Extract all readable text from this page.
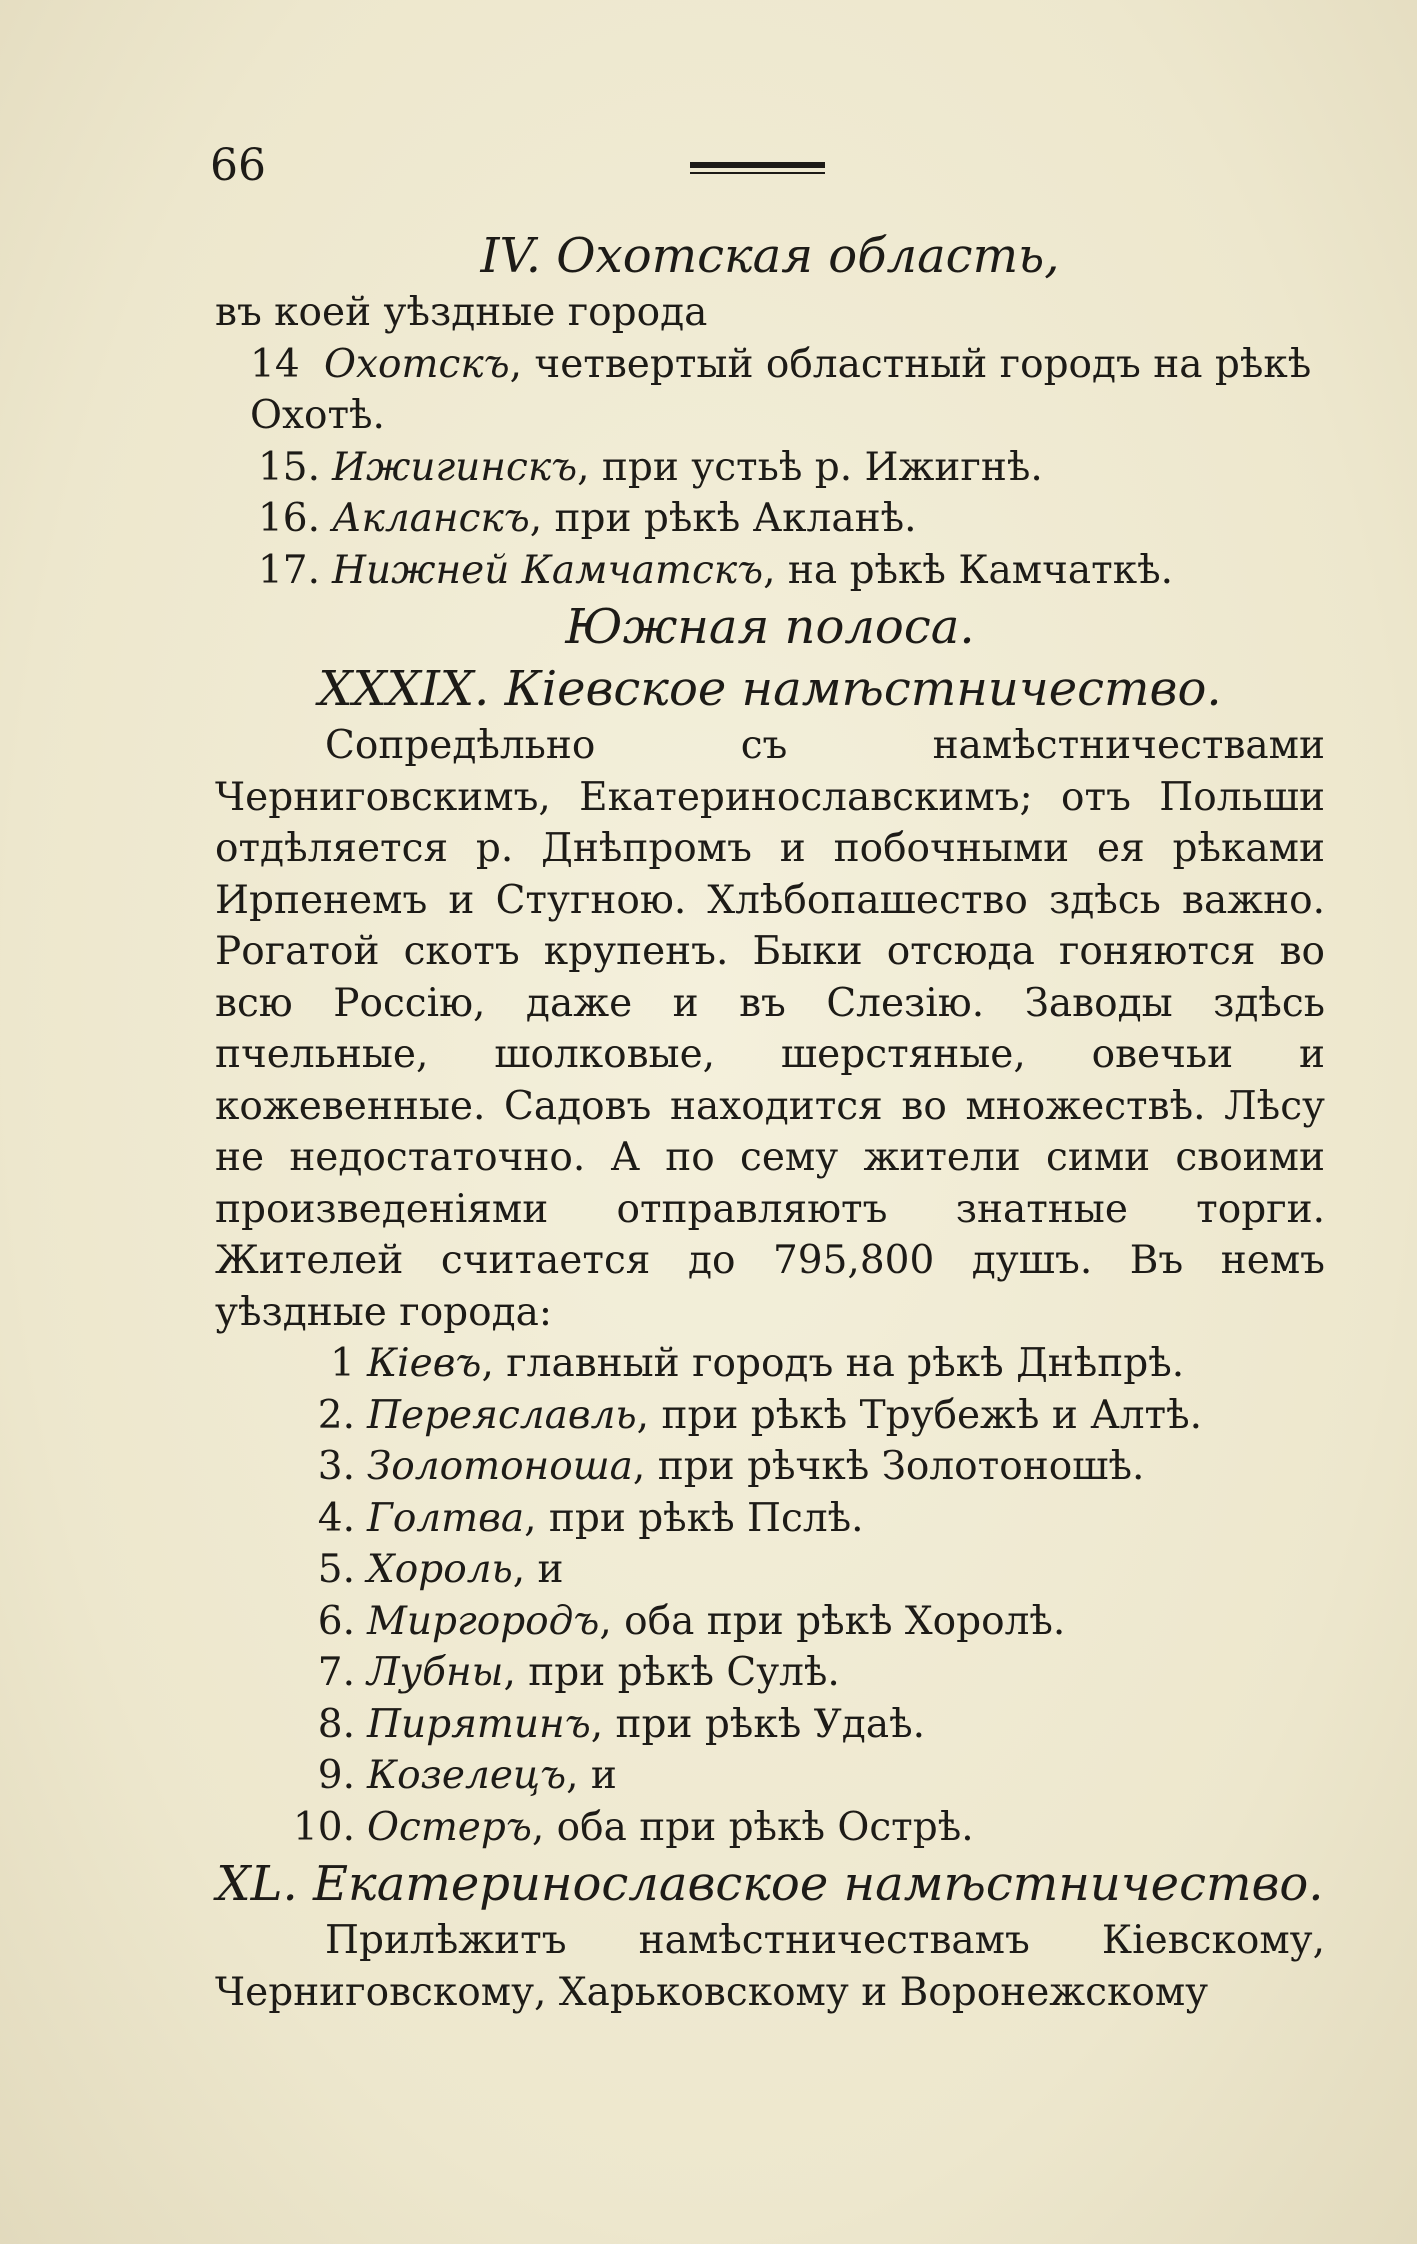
66
IV. Охотская область,
въ коей уѣздные города
14 Охотскъ, четвертый областный городъ на рѣкѣ Охотѣ.
15. Ижигинскъ , при устьѣ р. Ижигнѣ.
16. Акланскъ , при рѣкѣ Акланѣ.
17. Нижней Камчатскъ , на рѣкѣ Камчаткѣ.
Южная полоса.
XXXIX. Кіевское намѣстничество.
Сопредѣльно съ намѣстничествами Черниговскимъ, Екатеринославскимъ; отъ Польши отдѣляется р. Днѣпромъ и побочными ея рѣками Ирпенемъ и Стугною. Хлѣбопашество здѣсь важно. Рогатой скотъ крупенъ. Быки отсюда гоняются во всю Россію, даже и въ Слезію. Заводы здѣсь пчельные, шолковые, шерстяные, овечьи и кожевенные. Садовъ находится во множествѣ. Лѣсу не недостаточно. А по сему жители сими своими произведеніями отправляютъ знатные торги. Жителей считается до 795,800 душъ. Въ немъ уѣздные города:
1 Кіевъ , главный городъ на рѣкѣ Днѣпрѣ.
2. Переяславль , при рѣкѣ Трубежѣ и Алтѣ.
3. Золотоноша , при рѣчкѣ Золотоношѣ.
4. Голтва , при рѣкѣ Пслѣ.
5. Хороль , и
6. Миргородъ , оба при рѣкѣ Хоролѣ.
7. Лубны , при рѣкѣ Сулѣ.
8. Пирятинъ , при рѣкѣ Удаѣ.
9. Козелецъ , и
10. Остеръ , оба при рѣкѣ Острѣ.
XL. Екатеринославское намѣстничество.
Прилѣжитъ намѣстничествамъ Кіевскому, Черниговскому, Харьковскому и Воронежскому
